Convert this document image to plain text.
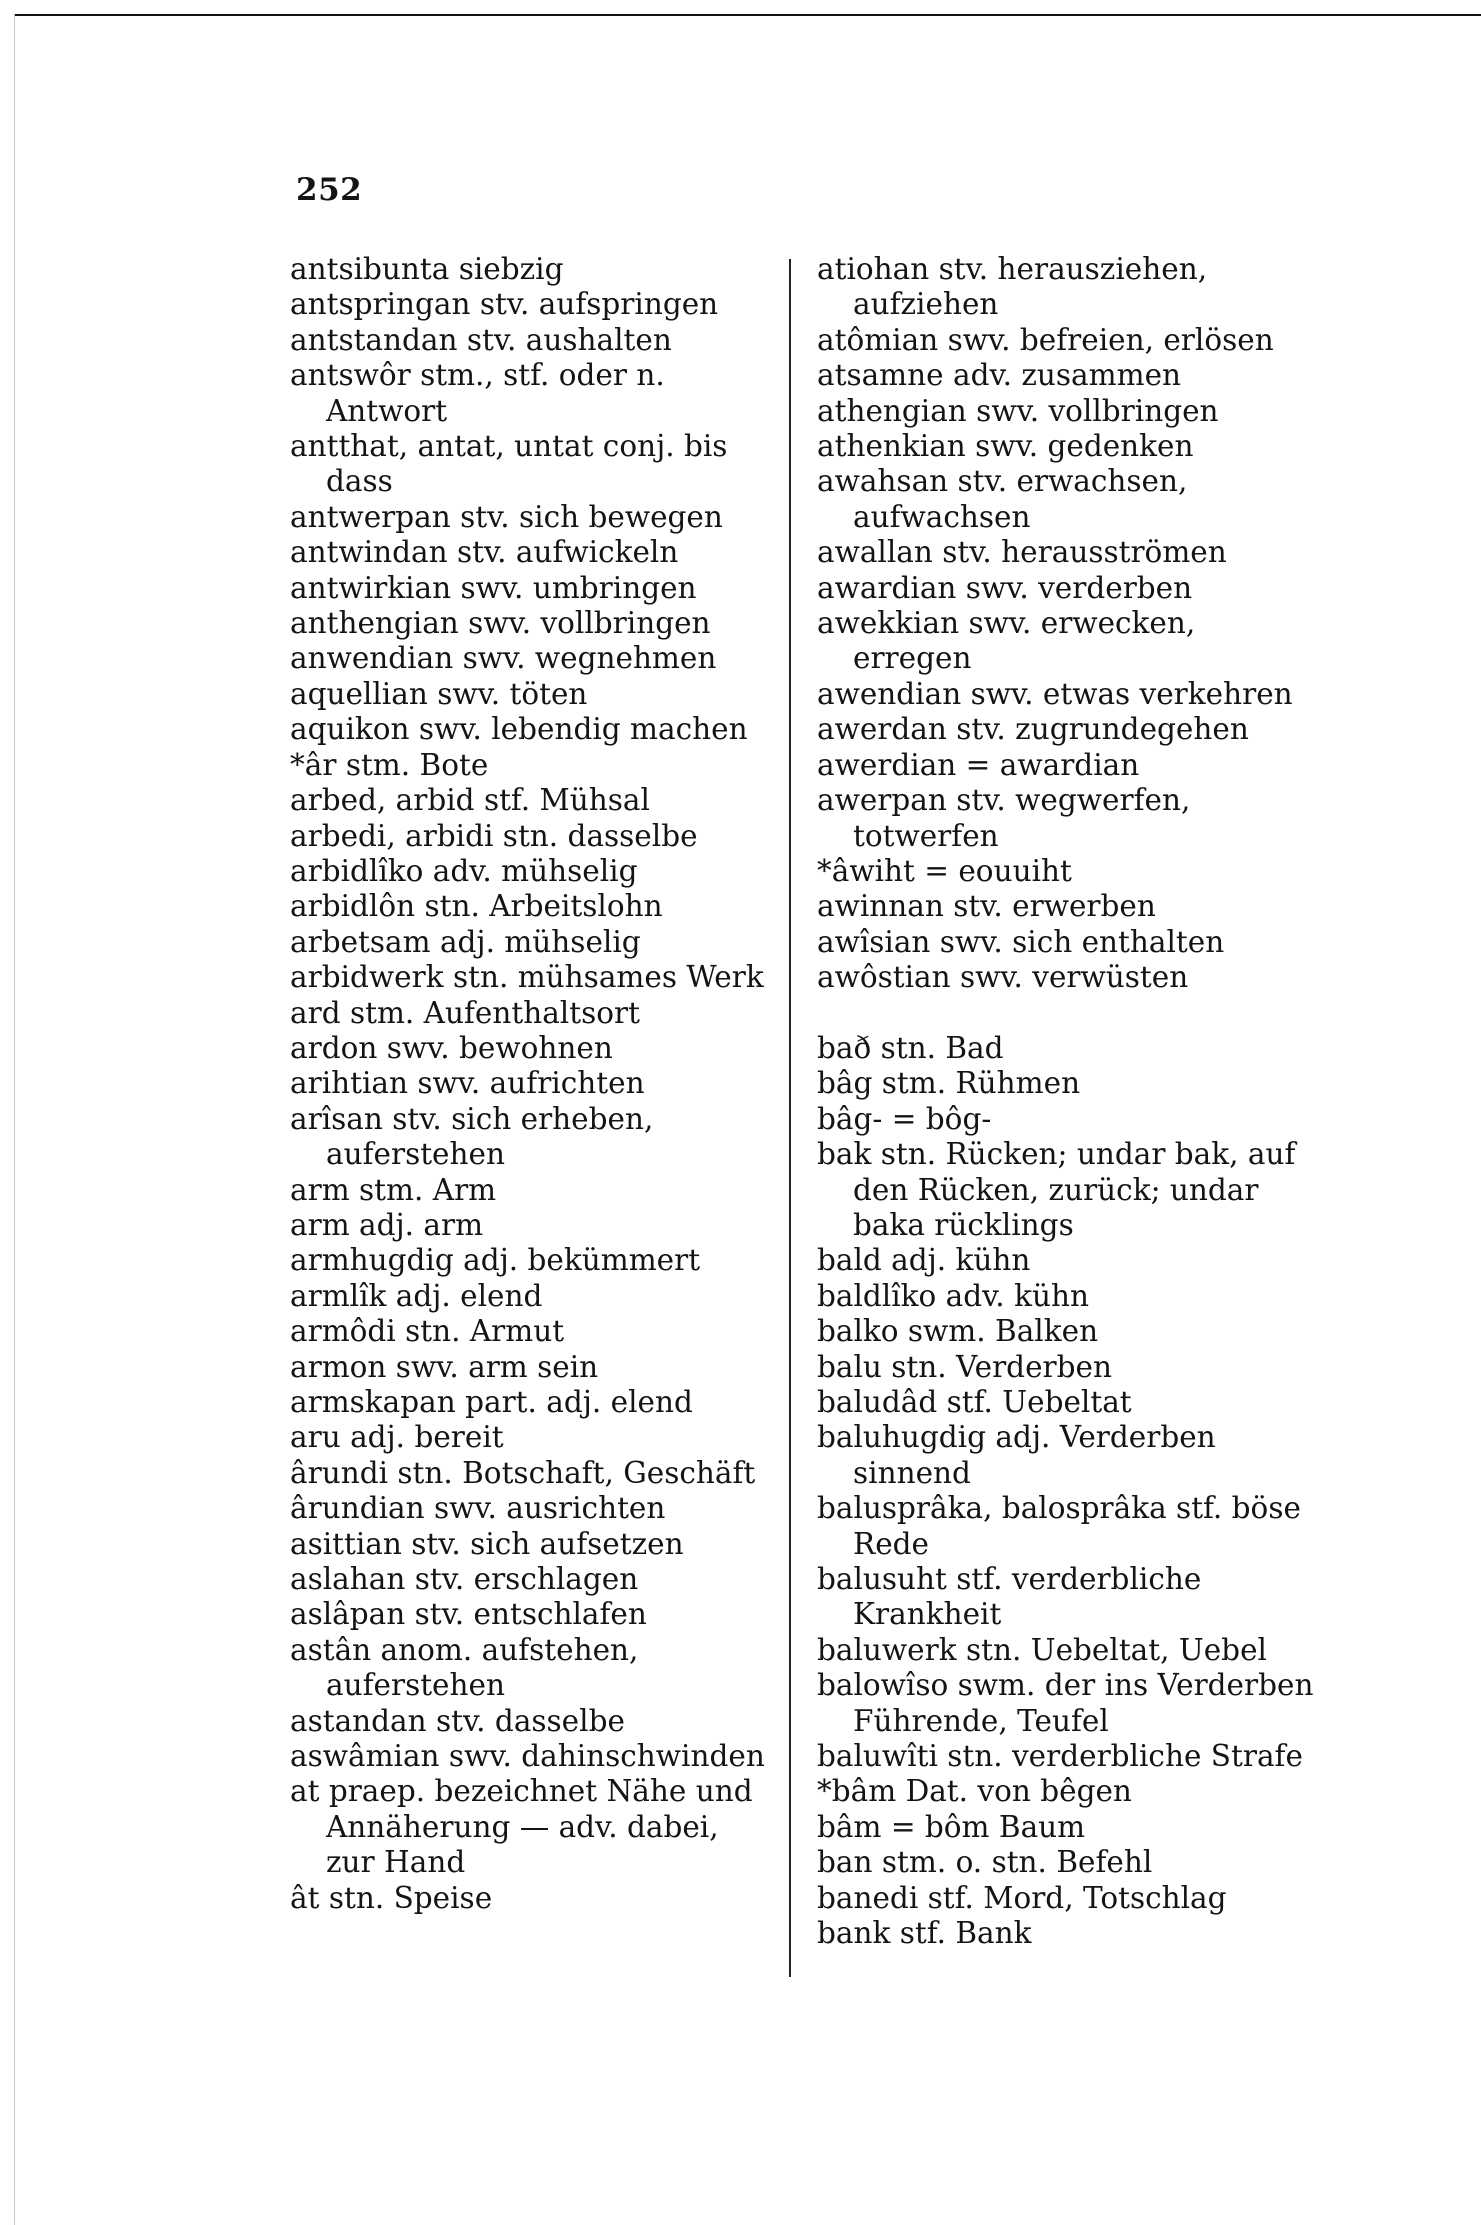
252
antsibunta siebzig
antspringan stv. aufspringen
antstandan stv. aushalten
antswôr stm., stf. oder n. Antwort
antthat, antat, untat conj. bis dass
antwerpan stv. sich bewegen
antwindan stv. aufwickeln
antwirkian swv. umbringen
anthengian swv. vollbringen
anwendian swv. wegnehmen
aquellian swv. töten
aquikon swv. lebendig machen
*âr stm. Bote
arbed, arbid stf. Mühsal
arbedi, arbidi stn. dasselbe
arbidlîko adv. mühselig
arbidlôn stn. Arbeitslohn
arbetsam adj. mühselig
arbidwerk stn. mühsames Werk
ard stm. Aufenthaltsort
ardon swv. bewohnen
arihtian swv. aufrichten
arîsan stv. sich erheben, auferstehen
arm stm. Arm
arm adj. arm
armhugdig adj. bekümmert
armlîk adj. elend
armôdi stn. Armut
armon swv. arm sein
armskapan part. adj. elend
aru adj. bereit
ârundi stn. Botschaft, Geschäft
ârundian swv. ausrichten
asittian stv. sich aufsetzen
aslahan stv. erschlagen
aslâpan stv. entschlafen
astân anom. aufstehen, auferstehen
astandan stv. dasselbe
aswâmian swv. dahinschwinden
at praep. bezeichnet Nähe und Annäherung — adv. dabei, zur Hand
ât stn. Speise
atiohan stv. herausziehen, aufziehen
atômian swv. befreien, erlösen
atsamne adv. zusammen
athengian swv. vollbringen
athenkian swv. gedenken
awahsan stv. erwachsen, aufwachsen
awallan stv. herausströmen
awardian swv. verderben
awekkian swv. erwecken, erregen
awendian swv. etwas verkehren
awerdan stv. zugrundegehen
awerdian = awardian
awerpan stv. wegwerfen, totwerfen
*âwiht = eouuiht
awinnan stv. erwerben
awîsian swv. sich enthalten
awôstian swv. verwüsten
bað stn. Bad
bâg stm. Rühmen
bâg- = bôg-
bak stn. Rücken; undar bak, auf den Rücken, zurück; undar baka rücklings
bald adj. kühn
baldlîko adv. kühn
balko swm. Balken
balu stn. Verderben
baludâd stf. Uebeltat
baluhugdig adj. Verderben sinnend
balusprâka, balosprâka stf. böse Rede
balusuht stf. verderbliche Krankheit
baluwerk stn. Uebeltat, Uebel
balowîso swm. der ins Verderben Führende, Teufel
baluwîti stn. verderbliche Strafe
*bâm Dat. von bêgen
bâm = bôm Baum
ban stm. o. stn. Befehl
banedi stf. Mord, Totschlag
bank stf. Bank
